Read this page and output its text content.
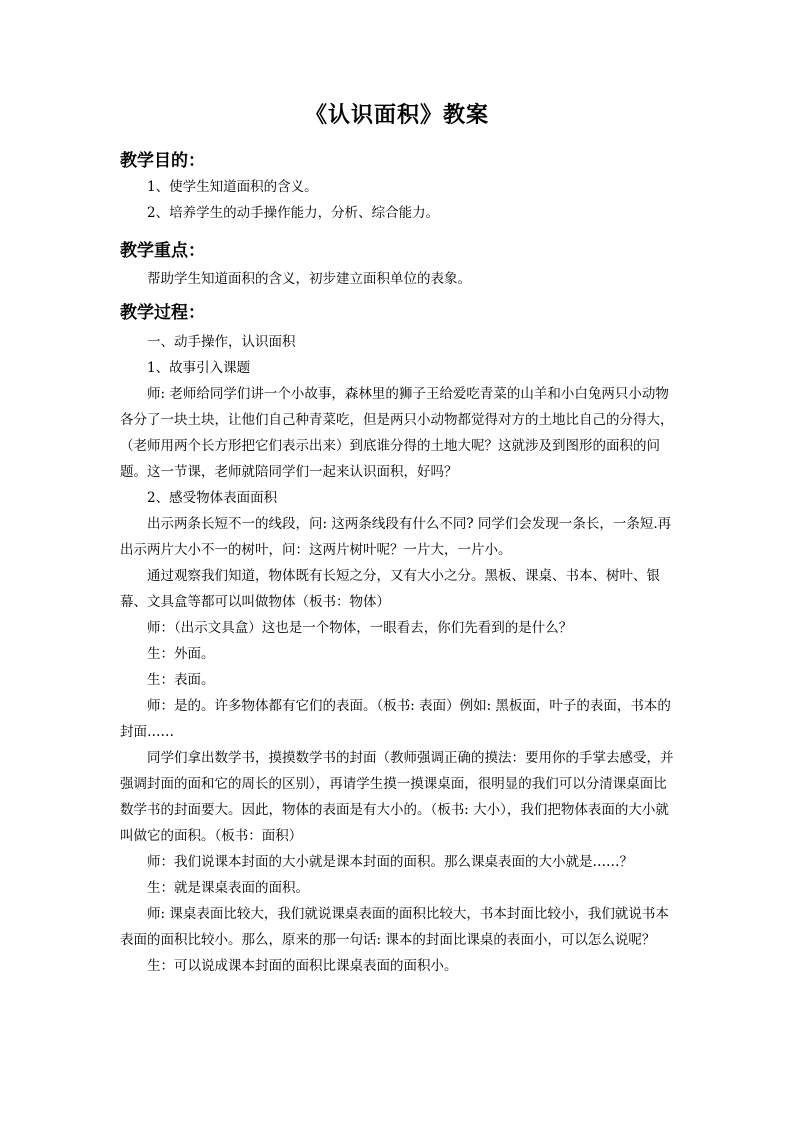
《认识面积》教案
教学目的：

1、使学生知道面积的含义。

2、培养学生的动手操作能力，分析、综合能力。

教学重点：

帮助学生知道面积的含义，初步建立面积单位的表象。

教学过程：

一、动手操作，认识面积

1、故事引入课题

师: 老师给同学们讲一个小故事，森林里的狮子王给爱吃青菜的山羊和小白兔两只小动物各分了一块土块，让他们自己种青菜吃，但是两只小动物都觉得对方的土地比自己的分得大，（老师用两个长方形把它们表示出来）到底谁分得的土地大呢？这就涉及到图形的面积的问题。这一节课，老师就陪同学们一起来认识面积，好吗？

2、感受物体表面面积

出示两条长短不一的线段，问: 这两条线段有什么不同? 同学们会发现一条长，一条短.再出示两片大小不一的树叶，问：这两片树叶呢？一片大，一片小。

通过观察我们知道，物体既有长短之分，又有大小之分。黑板、课桌、书本、树叶、银幕、文具盒等都可以叫做物体（板书：物体）

师：（出示文具盒）这也是一个物体，一眼看去，你们先看到的是什么？

生：外面。

生：表面。

师：是的。许多物体都有它们的表面。（板书: 表面）例如: 黑板面，叶子的表面，书本的封面……

同学们拿出数学书，摸摸数学书的封面（教师强调正确的摸法：要用你的手掌去感受，并强调封面的面和它的周长的区别），再请学生摸一摸课桌面，很明显的我们可以分清课桌面比数学书的封面要大。因此，物体的表面是有大小的。（板书: 大小），我们把物体表面的大小就叫做它的面积。（板书：面积）

师：我们说课本封面的大小就是课本封面的面积。那么课桌表面的大小就是……？

生：就是课桌表面的面积。

师: 课桌表面比较大，我们就说课桌表面的面积比较大，书本封面比较小，我们就说书本表面的面积比较小。那么，原来的那一句话: 课本的封面比课桌的表面小，可以怎么说呢？

生：可以说成课本封面的面积比课桌表面的面积小。
